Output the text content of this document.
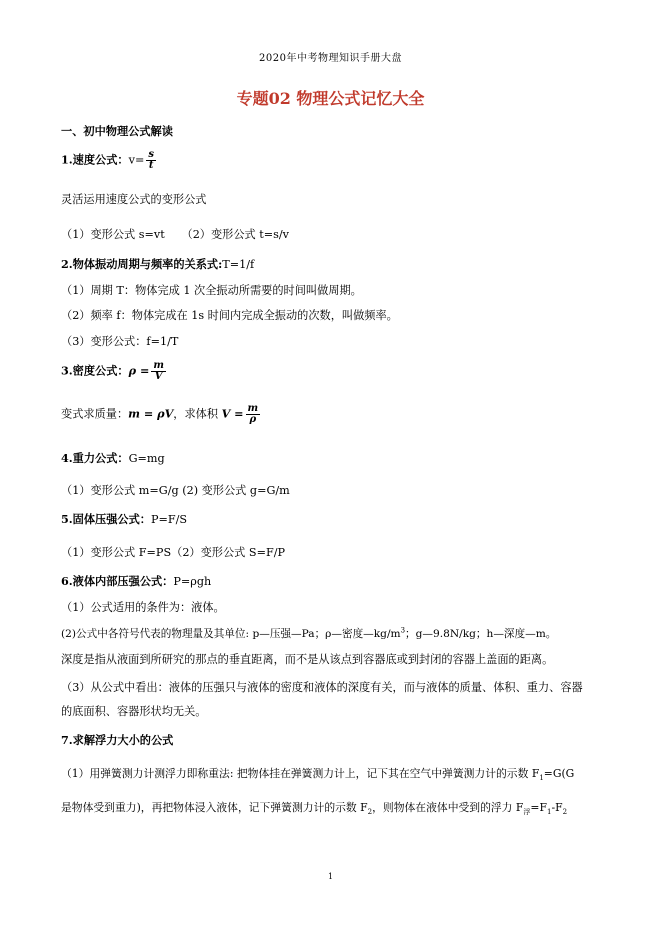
2020年中考物理知识手册大盘
专题02 物理公式记忆大全
一、初中物理公式解读
1.速度公式：$v= \frac{s}{t}$
灵活运用速度公式的变形公式
（1）变形公式 s=vt　　（2）变形公式 t=s/v
2.物体振动周期与频率的关系式:T=1/f
（1）周期 T：物体完成 1 次全振动所需要的时间叫做周期。
（2）频率 f：物体完成在 1s 时间内完成全振动的次数，叫做频率。
（3）变形公式：f=1/T
3.密度公式：$\rho = \frac{m}{V}$
变式求质量：m = ρV，求体积 $V = \frac{m}{\rho}$
4.重力公式：G=mg
（1）变形公式 m=G/g (2) 变形公式 g=G/m
5.固体压强公式：P=F/S
（1）变形公式 F=PS（2）变形公式 S=F/P
6.液体内部压强公式：P=ρgh
（1）公式适用的条件为：液体。
(2)公式中各符号代表的物理量及其单位: p—压强—Pa；ρ—密度$—kg/m^3$；g—9.8N/kg；h—深度—m。
深度是指从液面到所研究的那点的垂直距离，而不是从该点到容器底或到封闭的容器上盖面的距离。
（3）从公式中看出：液体的压强只与液体的密度和液体的深度有关，而与液体的质量、体积、重力、容器
的底面积、容器形状均无关。
7.求解浮力大小的公式
（1）用弹簧测力计测浮力即称重法: 把物体挂在弹簧测力计上，记下其在空气中弹簧测力计的示数 $F_1=G(G$
是物体受到重力)，再把物体浸入液体，记下弹簧测力计的示数 $F_2$，则物体在液体中受到的浮力 $F_浮=F_1-F_2$
1
